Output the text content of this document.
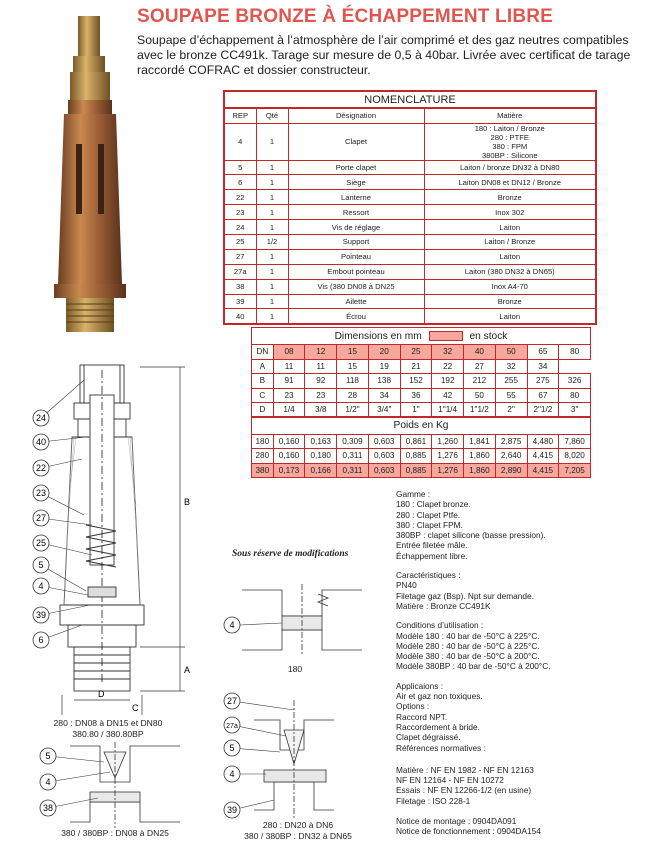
SOUPAPE BRONZE À ÉCHAPPEMENT LIBRE
Soupape d’échappement à l’atmosphère de l’air comprimé et des gaz neutres compatibles avec le bronze CC491k. Tarage sur mesure de 0,5 à 40bar. Livrée avec certificat de tarage raccordé COFRAC et dossier constructeur.
NOMENCLATURE			
REP	Qté	Désignation	Matière
4	1	Clapet	180 : Laiton / Bronze
280 : PTFE
380 : FPM
380BP : Silicone

5	1	Porte clapet	Laiton / bronze DN32 à DN80
6	1	Siège	Laiton DN08 et DN12 / Bronze
22	1	Lanterne	Bronze
23	1	Ressort	Inox 302
24	1	Vis de réglage	Laiton
25	1/2	Support	Laiton / Bronze
27	1	Pointeau	Laiton
27a	1	Embout pointeau	Laiton (380 DN32 à DN65)
38	1	Vis (380 DN08 à DN25	Inox A4-70
39	1	Ailette	Bronze
40	1	Écrou	Laiton
Dimensions en mm en stock										
DN	08	12	15	20	25	32	40	50	65	80
A	11	11	15	19	21	22	27	32	34	
B	91	92	118	138	152	192	212	255	275	326
C	23	23	28	34	36	42	50	55	67	80
D	1/4	3/8	1/2"	3/4"	1"	1"1/4	1"1/2	2"	2"1/2	3"
Poids en Kg										
180	0,160	0,163	0,309	0,603	0,861	1,260	1,841	2,875	4,480	7,860
280	0,160	0,180	0,311	0,603	0,885	1,276	1,860	2,640	4,415	8,020
380	0,173	0,166	0,311	0,603	0,885	1,276	1,860	2,890	4,415	7,205
B
A
D
C
24
40
22
23
27
25
5
4
39
6
280 : DN08 à DN15 et DN80
380.80 / 380.80BP
Sous réserve de modifications
4
180
5
4
38
380 / 380BP : DN08 à DN25
27
27a
5
4
39
280 : DN20 à DN6
380 / 380BP : DN32 à DN65
Gamme :
180 : Clapet bronze.
280 : Clapet Ptfe.
380 : Clapet FPM.
380BP : clapet silicone (basse pression).
Entrée filetée mâle.
Échappement libre.
Caractéristiques :
PN40
Filetage gaz (Bsp). Npt sur demande.
Matière : Bronze CC491K
Conditions d’utilisation :
Modèle 180 : 40 bar de -50°C à 225°C.
Modèle 280 : 40 bar de -50°C à 225°C.
Modèle 380 : 40 bar de -50°C à 200°C.
Modèle 380BP : 40 bar de -50°C à 200°C.
Applicaions :
Air et gaz non toxiques.
Options :
Raccord NPT.
Raccordement à bride.
Clapet dégraissé.
Références normatives :
Matière : NF EN 1982 - NF EN 12163
NF EN 12164 - NF EN 10272
Essais : NF EN 12266-1/2 (en usine)
Filetage : ISO 228-1
Notice de montage : 0904DA091
Notice de fonctionnement : 0904DA154
